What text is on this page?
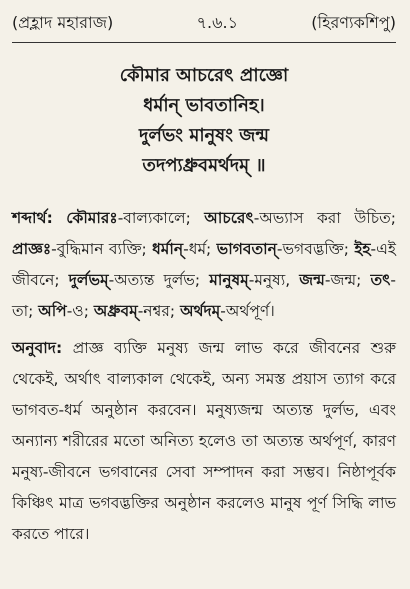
(প্রহ্লাদ মহারাজ)	৭.৬.১	(হিরণ্যকশিপু)
কৌমার আচরেৎ প্রাজ্ঞো
ধর্মান্ ভাবতানিহ।
দুর্লভং মানুষং জন্ম
তদপ্যধ্রুবমর্থদম্ ॥
শব্দার্থ: কৌমারঃ-বাল্যকালে; আচরেৎ-অভ্যাস করা উচিত; প্রাজ্ঞঃ-বুদ্ধিমান ব্যক্তি; ধর্মান্-ধর্ম; ভাগবতান্-ভগবদ্ভক্তি; ইহ-এই জীবনে; দুর্লভম্-অত্যন্ত দুর্লভ; মানুষম্-মনুষ্য, জন্ম-জন্ম; তৎ-তা; অপি-ও; অধ্রুবম্-নশ্বর; অর্থদম্-অর্থপূর্ণ।
অনুবাদ: প্রাজ্ঞ ব্যক্তি মনুষ্য জন্ম লাভ করে জীবনের শুরু থেকেই, অর্থাৎ বাল্যকাল থেকেই, অন্য সমস্ত প্রয়াস ত্যাগ করে ভাগবত-ধর্ম অনুষ্ঠান করবেন। মনুষ্যজন্ম অত্যন্ত দুর্লভ, এবং অন্যান্য শরীরের মতো অনিত্য হলেও তা অত্যন্ত অর্থপূর্ণ, কারণ মনুষ্য-জীবনে ভগবানের সেবা সম্পাদন করা সম্ভব। নিষ্ঠাপূর্বক কিঞ্চিৎ মাত্র ভগবদ্ভক্তির অনুষ্ঠান করলেও মানুষ পূর্ণ সিদ্ধি লাভ করতে পারে।
